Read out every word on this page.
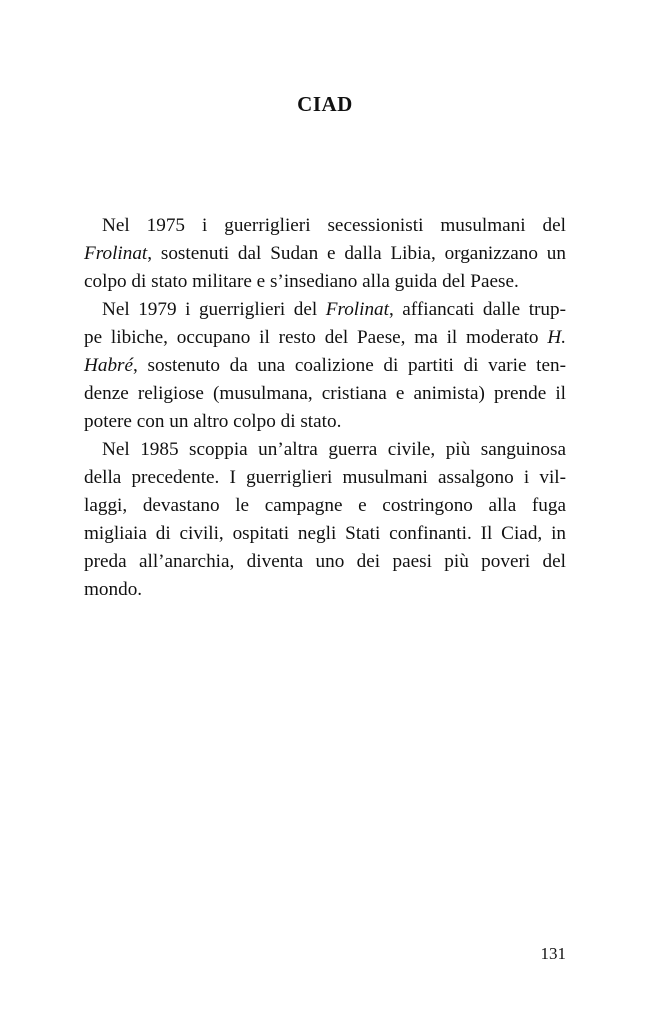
CIAD
Nel 1975 i guerriglieri secessionisti musulmani del
Frolinat, sostenuti dal Sudan e dalla Libia, organizzano un
colpo di stato militare e s’insediano alla guida del Paese.
Nel 1979 i guerriglieri del Frolinat, affiancati dalle trup-
pe libiche, occupano il resto del Paese, ma il moderato H.
Habré, sostenuto da una coalizione di partiti di varie ten-
denze religiose (musulmana, cristiana e animista) prende il
potere con un altro colpo di stato.
Nel 1985 scoppia un’altra guerra civile, più sanguinosa
della precedente. I guerriglieri musulmani assalgono i vil-
laggi, devastano le campagne e costringono alla fuga
migliaia di civili, ospitati negli Stati confinanti. Il Ciad, in
preda all’anarchia, diventa uno dei paesi più poveri del
mondo.
131
